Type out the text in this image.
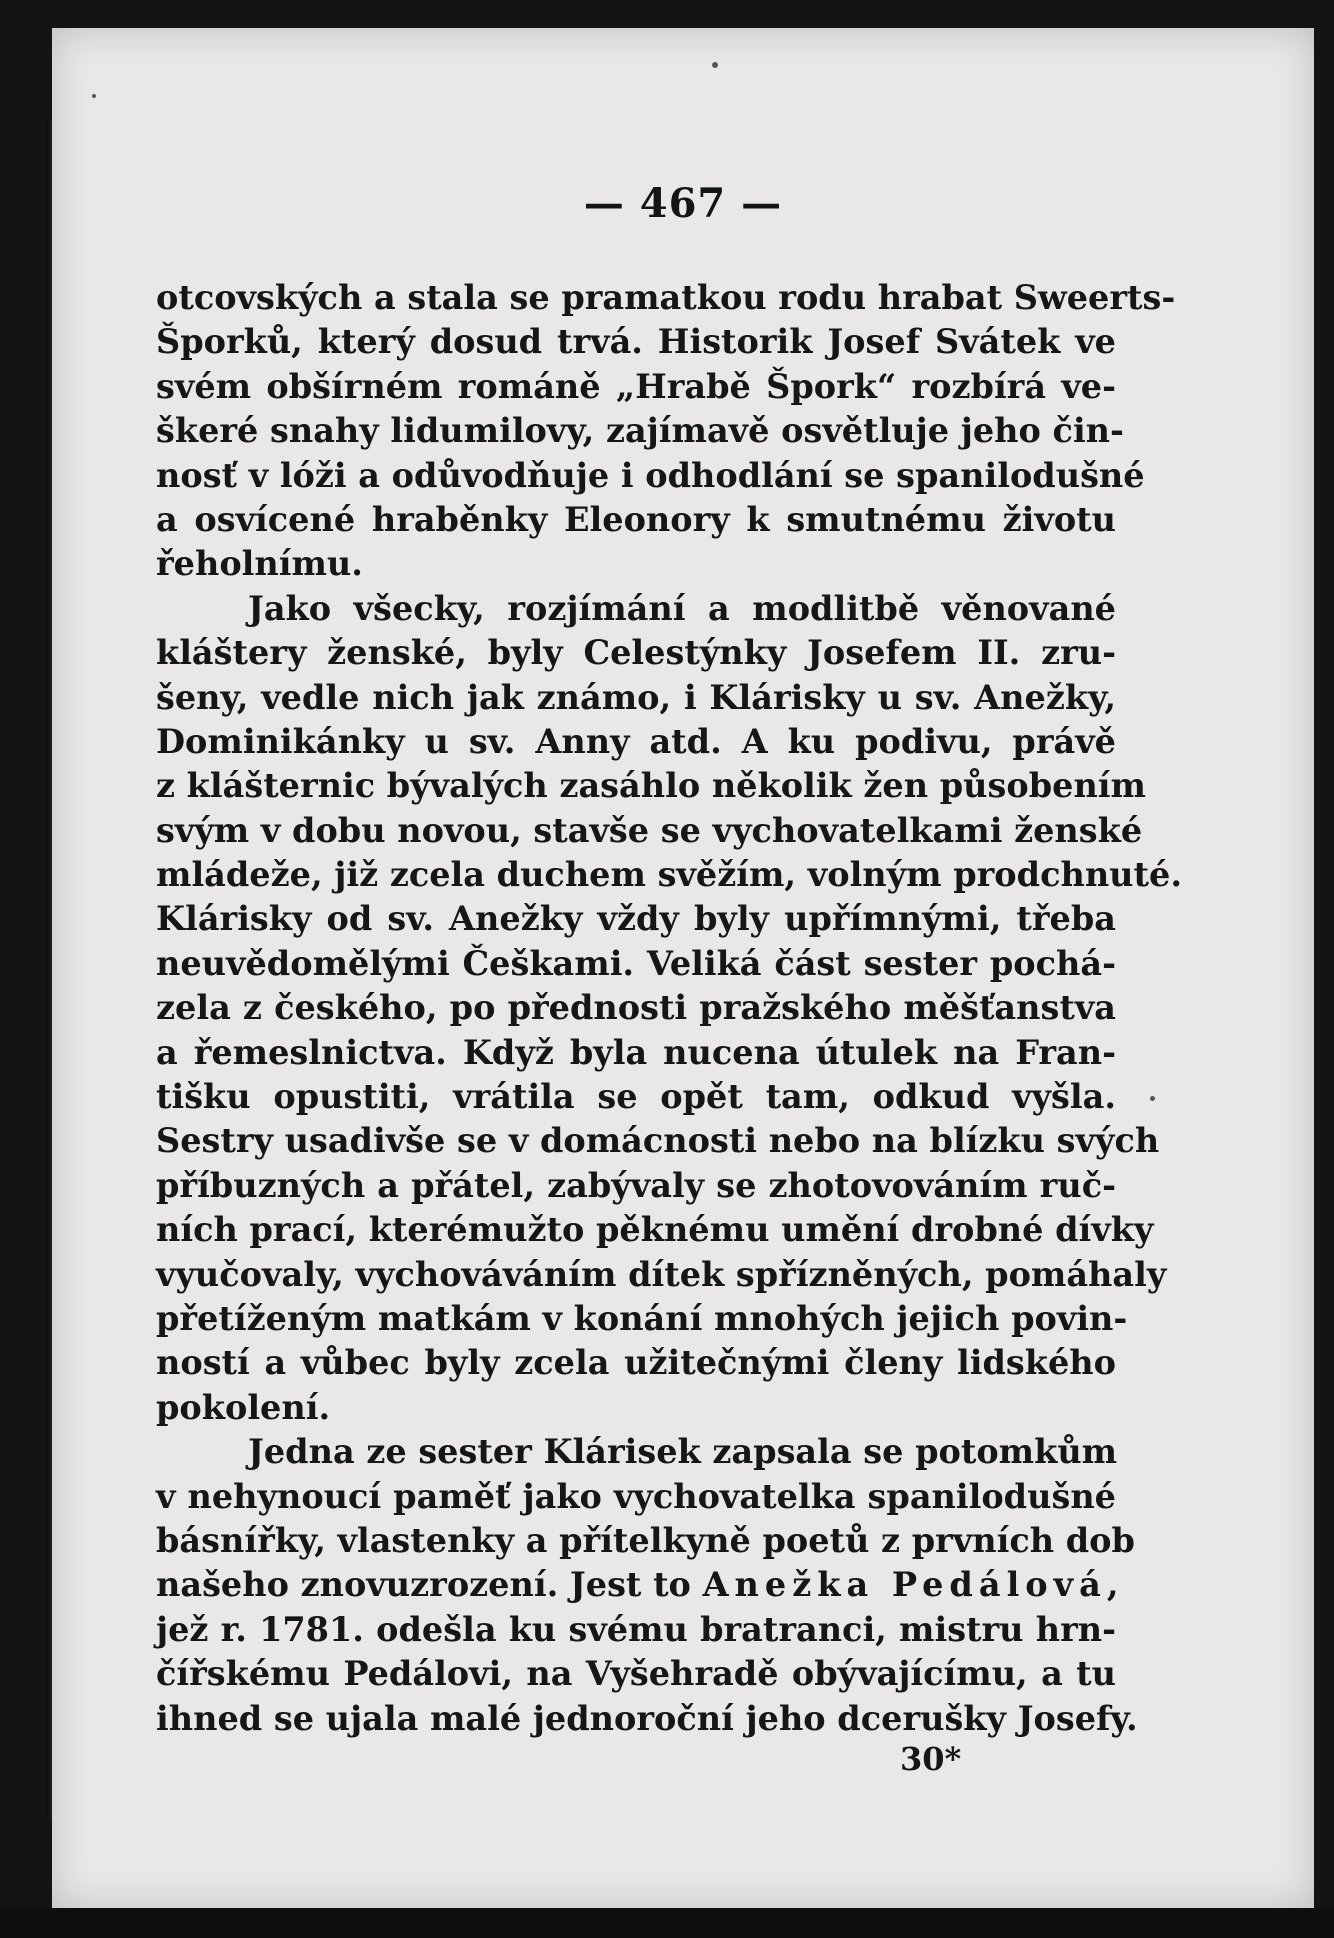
— 467 —
otcovských a stala se pramatkou rodu hrabat Sweerts-
Šporků, který dosud trvá. Historik Josef Svátek ve
svém obšírném románě „Hrabě Špork“ rozbírá ve-
škeré snahy lidumilovy, zajímavě osvětluje jeho čin-
nosť v lóži a odůvodňuje i odhodlání se spanilodušné
a osvícené hraběnky Eleonory k smutnému životu
řeholnímu.
Jako všecky, rozjímání a modlitbě věnované
kláštery ženské, byly Celestýnky Josefem II. zru-
šeny, vedle nich jak známo, i Klárisky u sv. Anežky,
Dominikánky u sv. Anny atd. A ku podivu, právě
z klášternic bývalých zasáhlo několik žen působením
svým v dobu novou, stavše se vychovatelkami ženské
mládeže, již zcela duchem svěžím, volným prodchnuté.
Klárisky od sv. Anežky vždy byly upřímnými, třeba
neuvědomělými Češkami. Veliká část sester pochá-
zela z českého, po přednosti pražského měšťanstva
a řemeslnictva. Když byla nucena útulek na Fran-
tišku opustiti, vrátila se opět tam, odkud vyšla.
Sestry usadivše se v domácnosti nebo na blízku svých
příbuzných a přátel, zabývaly se zhotovováním ruč-
ních prací, kterémužto pěknému umění drobné dívky
vyučovaly, vychováváním dítek spřízněných, pomáhaly
přetíženým matkám v konání mnohých jejich povin-
ností a vůbec byly zcela užitečnými členy lidského
pokolení.
Jedna ze sester Klárisek zapsala se potomkům
v nehynoucí paměť jako vychovatelka spanilodušné
básnířky, vlastenky a přítelkyně poetů z prvních dob
našeho znovuzrození. Jest to Anežka Pedálová,
jež r. 1781. odešla ku svému bratranci, mistru hrn-
čířskému Pedálovi, na Vyšehradě obývajícímu, a tu
ihned se ujala malé jednoroční jeho dcerušky Josefy.
30*
